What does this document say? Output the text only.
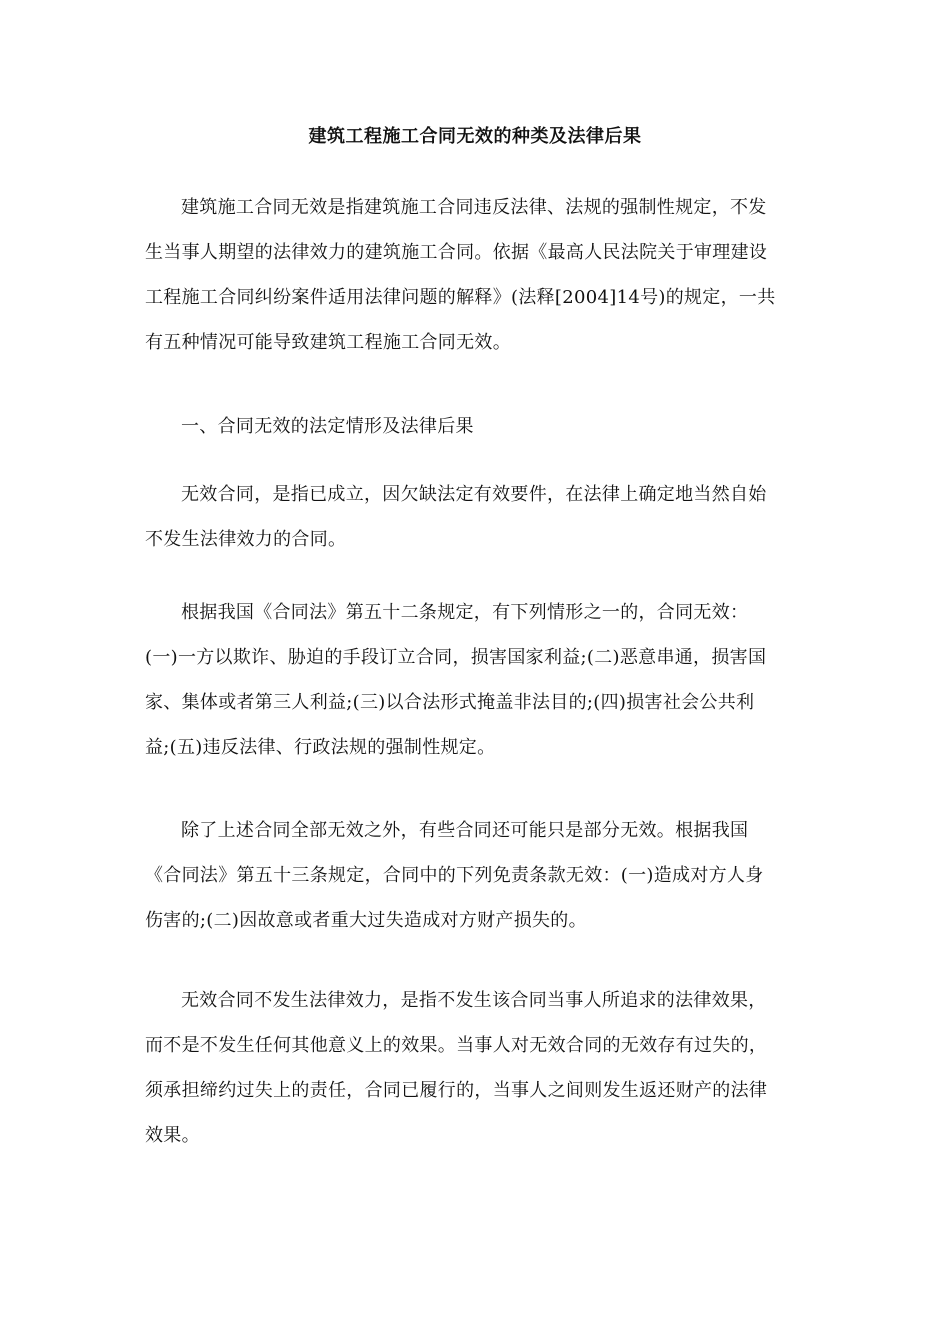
建筑工程施工合同无效的种类及法律后果
建筑施工合同无效是指建筑施工合同违反法律、法规的强制性规定，不发
生当事人期望的法律效力的建筑施工合同。依据《最高人民法院关于审理建设
工程施工合同纠纷案件适用法律问题的解释》(法释[2004]14号)的规定，一共
有五种情况可能导致建筑工程施工合同无效。
一、合同无效的法定情形及法律后果
无效合同，是指已成立，因欠缺法定有效要件，在法律上确定地当然自始
不发生法律效力的合同。
根据我国《合同法》第五十二条规定，有下列情形之一的，合同无效：
(一)一方以欺诈、胁迫的手段订立合同，损害国家利益;(二)恶意串通，损害国
家、集体或者第三人利益;(三)以合法形式掩盖非法目的;(四)损害社会公共利
益;(五)违反法律、行政法规的强制性规定。
除了上述合同全部无效之外，有些合同还可能只是部分无效。根据我国
《合同法》第五十三条规定，合同中的下列免责条款无效：(一)造成对方人身
伤害的;(二)因故意或者重大过失造成对方财产损失的。
无效合同不发生法律效力，是指不发生该合同当事人所追求的法律效果，
而不是不发生任何其他意义上的效果。当事人对无效合同的无效存有过失的，
须承担缔约过失上的责任，合同已履行的，当事人之间则发生返还财产的法律
效果。
